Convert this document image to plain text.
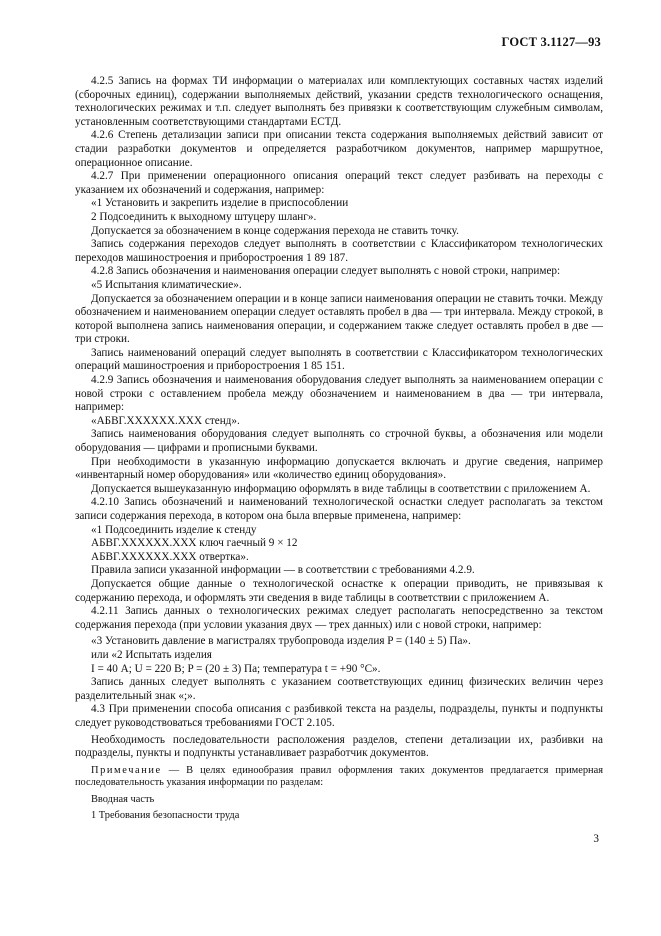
ГОСТ 3.1127—93

4.2.5 Запись на формах ТИ информации о материалах или комплектующих составных частях изделий (сборочных единиц), содержании выполняемых действий, указании средств технологического оснащения, технологических режимах и т.п. следует выполнять без привязки к соответствующим служебным символам, установленным соответствующими стандартами ЕСТД.

4.2.6 Степень детализации записи при описании текста содержания выполняемых действий зависит от стадии разработки документов и определяется разработчиком документов, например маршрутное, операционное описание.

4.2.7 При применении операционного описания операций текст следует разбивать на переходы с указанием их обозначений и содержания, например:

«1 Установить и закрепить изделие в приспособлении

2 Подсоединить к выходному штуцеру шланг».

Допускается за обозначением в конце содержания перехода не ставить точку.

Запись содержания переходов следует выполнять в соответствии с Классификатором технологических переходов машиностроения и приборостроения 1 89 187.

4.2.8 Запись обозначения и наименования операции следует выполнять с новой строки, например:

«5 Испытания климатические».

Допускается за обозначением операции и в конце записи наименования операции не ставить точки. Между обозначением и наименованием операции следует оставлять пробел в два — три интервала. Между строкой, в которой выполнена запись наименования операции, и содержанием также следует оставлять пробел в две — три строки.

Запись наименований операций следует выполнять в соответствии с Классификатором технологических операций машиностроения и приборостроения 1 85 151.

4.2.9 Запись обозначения и наименования оборудования следует выполнять за наименованием операции с новой строки с оставлением пробела между обозначением и наименованием в два — три интервала, например:

«АБВГ.XXXXXX.XXX стенд».

Запись наименования оборудования следует выполнять со строчной буквы, а обозначения или модели оборудования — цифрами и прописными буквами.

При необходимости в указанную информацию допускается включать и другие сведения, например «инвентарный номер оборудования» или «количество единиц оборудования».

Допускается вышеуказанную информацию оформлять в виде таблицы в соответствии с приложением А.

4.2.10 Запись обозначений и наименований технологической оснастки следует располагать за текстом записи содержания перехода, в котором она была впервые применена, например:

«1 Подсоединить изделие к стенду

АБВГ.XXXXXX.XXX ключ гаечный 9 × 12

АБВГ.XXXXXX.XXX отвертка».

Правила записи указанной информации — в соответствии с требованиями 4.2.9.

Допускается общие данные о технологической оснастке к операции приводить, не привязывая к содержанию перехода, и оформлять эти сведения в виде таблицы в соответствии с приложением А.

4.2.11 Запись данных о технологических режимах следует располагать непосредственно за текстом содержания перехода (при условии указания двух — трех данных) или с новой строки, например:

«3 Установить давление в магистралях трубопровода изделия P = (140 ± 5) Па».

или «2 Испытать изделия

I = 40 А; U = 220 В; P = (20 ± 3) Па; температура t = +90 °С».

Запись данных следует выполнять с указанием соответствующих единиц физических величин через разделительный знак «;».

4.3 При применении способа описания с разбивкой текста на разделы, подразделы, пункты и подпункты следует руководствоваться требованиями ГОСТ 2.105.

Необходимость последовательности расположения разделов, степени детализации их, разбивки на подразделы, пункты и подпункты устанавливает разработчик документов.

Примечание — В целях единообразия правил оформления таких документов предлагается примерная последовательность указания информации по разделам:

Вводная часть

1 Требования безопасности труда

3
